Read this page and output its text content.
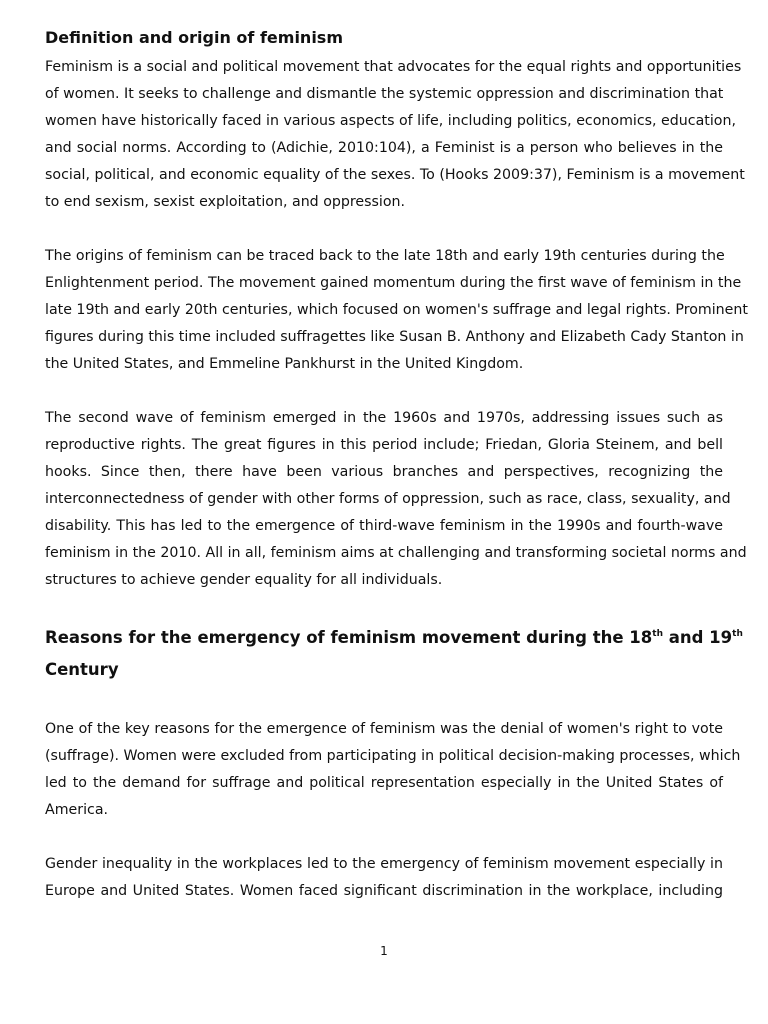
Definition and origin of feminism
Feminism is a social and political movement that advocates for the equal rights and opportunities
of women. It seeks to challenge and dismantle the systemic oppression and discrimination that
women have historically faced in various aspects of life, including politics, economics, education,
and social norms. According to (Adichie, 2010:104), a Feminist is a person who believes in the
social, political, and economic equality of the sexes. To (Hooks 2009:37), Feminism is a movement
to end sexism, sexist exploitation, and oppression.
The origins of feminism can be traced back to the late 18th and early 19th centuries during the
Enlightenment period. The movement gained momentum during the first wave of feminism in the
late 19th and early 20th centuries, which focused on women's suffrage and legal rights. Prominent
figures during this time included suffragettes like Susan B. Anthony and Elizabeth Cady Stanton in
the United States, and Emmeline Pankhurst in the United Kingdom.
The second wave of feminism emerged in the 1960s and 1970s, addressing issues such as
reproductive rights. The great figures in this period include; Friedan, Gloria Steinem, and bell
hooks. Since then, there have been various branches and perspectives, recognizing the
interconnectedness of gender with other forms of oppression, such as race, class, sexuality, and
disability. This has led to the emergence of third-wave feminism in the 1990s and fourth-wave
feminism in the 2010. All in all, feminism aims at challenging and transforming societal norms and
structures to achieve gender equality for all individuals.
Reasons for the emergency of feminism movement during the 18th and 19th
Century
One of the key reasons for the emergence of feminism was the denial of women's right to vote
(suffrage). Women were excluded from participating in political decision-making processes, which
led to the demand for suffrage and political representation especially in the United States of
America.
Gender inequality in the workplaces led to the emergency of feminism movement especially in
Europe and United States. Women faced significant discrimination in the workplace, including
1
